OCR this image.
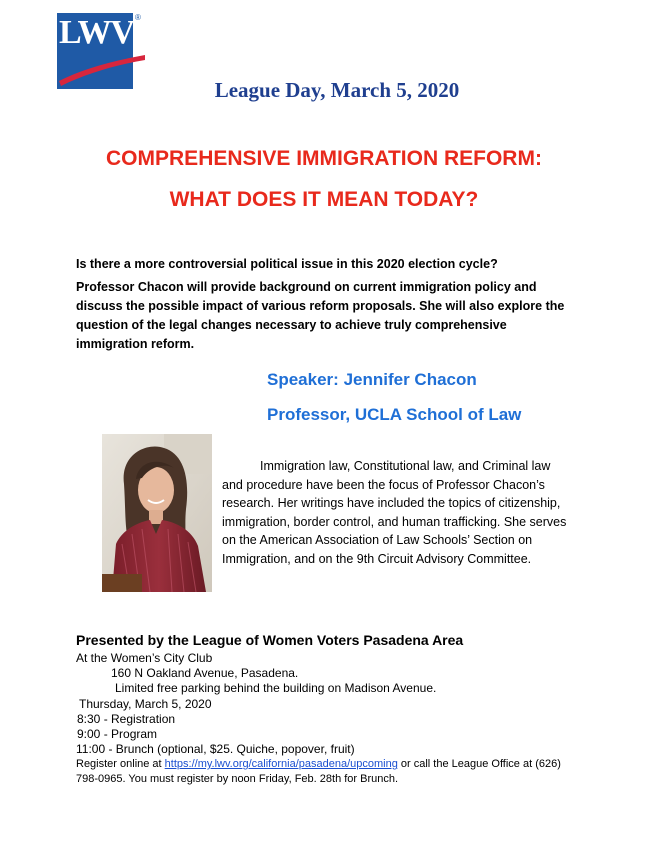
LWV ®
League Day, March 5, 2020
COMPREHENSIVE IMMIGRATION REFORM:
WHAT DOES IT MEAN TODAY?
Is there a more controversial political issue in this 2020 election cycle?
Professor Chacon will provide background on current immigration policy and discuss the possible impact of various reform proposals. She will also explore the question of the legal changes necessary to achieve truly comprehensive immigration reform.
Speaker: Jennifer Chacon
Professor, UCLA School of Law
Immigration law, Constitutional law, and Criminal law and procedure have been the focus of Professor Chacon’s research. Her writings have included the topics of citizenship, immigration, border control, and human trafficking. She serves on the American Association of Law Schools’ Section on Immigration, and on the 9th Circuit Advisory Committee.
Presented by the League of Women Voters Pasadena Area
At the Women’s City Club
160 N Oakland Avenue, Pasadena.
Limited free parking behind the building on Madison Avenue.
Thursday, March 5, 2020
8:30 - Registration
9:00 - Program
11:00 - Brunch (optional, $25. Quiche, popover, fruit)
Register online at https://my.lwv.org/california/pasadena/upcoming or call the League Office at (626) 798-0965. You must register by noon Friday, Feb. 28th for Brunch.
